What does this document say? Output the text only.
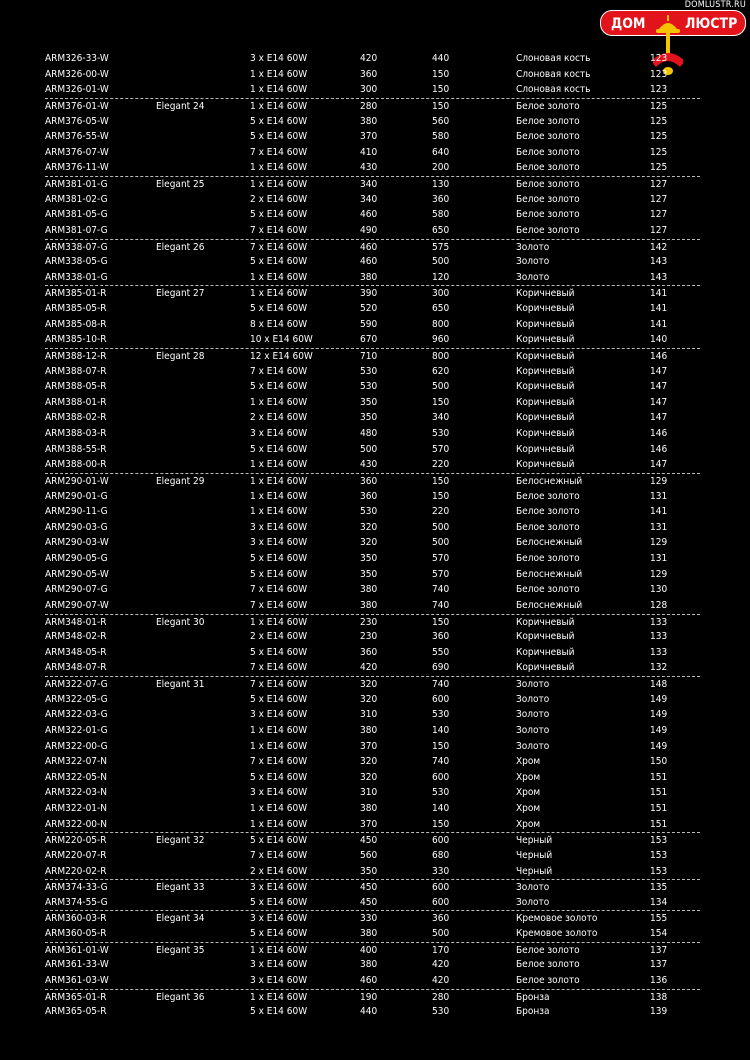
DOMLUSTR.RU
ДОМ	ЛЮСТР
ARM326-33-W	3 x E14 60W	420	440	Слоновая кость	123
ARM326-00-W	1 x E14 60W	360	150	Слоновая кость	123
ARM326-01-W	1 x E14 60W	300	150	Слоновая кость	123
ARM376-01-W	Elegant 24	1 x E14 60W	280	150	Белое золото	125
ARM376-05-W	5 x E14 60W	380	560	Белое золото	125
ARM376-55-W	5 x E14 60W	370	580	Белое золото	125
ARM376-07-W	7 x E14 60W	410	640	Белое золото	125
ARM376-11-W	1 x E14 60W	430	200	Белое золото	125
ARM381-01-G	Elegant 25	1 x E14 60W	340	130	Белое золото	127
ARM381-02-G	2 x E14 60W	340	360	Белое золото	127
ARM381-05-G	5 x E14 60W	460	580	Белое золото	127
ARM381-07-G	7 x E14 60W	490	650	Белое золото	127
ARM338-07-G	Elegant 26	7 x E14 60W	460	575	Золото	142
ARM338-05-G	5 x E14 60W	460	500	Золото	143
ARM338-01-G	1 x E14 60W	380	120	Золото	143
ARM385-01-R	Elegant 27	1 x E14 60W	390	300	Коричневый	141
ARM385-05-R	5 x E14 60W	520	650	Коричневый	141
ARM385-08-R	8 x E14 60W	590	800	Коричневый	141
ARM385-10-R	10 x E14 60W	670	960	Коричневый	140
ARM388-12-R	Elegant 28	12 x E14 60W	710	800	Коричневый	146
ARM388-07-R	7 x E14 60W	530	620	Коричневый	147
ARM388-05-R	5 x E14 60W	530	500	Коричневый	147
ARM388-01-R	1 x E14 60W	350	150	Коричневый	147
ARM388-02-R	2 x E14 60W	350	340	Коричневый	147
ARM388-03-R	3 x E14 60W	480	530	Коричневый	146
ARM388-55-R	5 x E14 60W	500	570	Коричневый	146
ARM388-00-R	1 x E14 60W	430	220	Коричневый	147
ARM290-01-W	Elegant 29	1 x E14 60W	360	150	Белоснежный	129
ARM290-01-G	1 x E14 60W	360	150	Белое золото	131
ARM290-11-G	1 x E14 60W	530	220	Белое золото	141
ARM290-03-G	3 x E14 60W	320	500	Белое золото	131
ARM290-03-W	3 x E14 60W	320	500	Белоснежный	129
ARM290-05-G	5 x E14 60W	350	570	Белое золото	131
ARM290-05-W	5 x E14 60W	350	570	Белоснежный	129
ARM290-07-G	7 x E14 60W	380	740	Белое золото	130
ARM290-07-W	7 x E14 60W	380	740	Белоснежный	128
ARM348-01-R	Elegant 30	1 x E14 60W	230	150	Коричневый	133
ARM348-02-R	2 x E14 60W	230	360	Коричневый	133
ARM348-05-R	5 x E14 60W	360	550	Коричневый	133
ARM348-07-R	7 x E14 60W	420	690	Коричневый	132
ARM322-07-G	Elegant 31	7 x E14 60W	320	740	Золото	148
ARM322-05-G	5 x E14 60W	320	600	Золото	149
ARM322-03-G	3 x E14 60W	310	530	Золото	149
ARM322-01-G	1 x E14 60W	380	140	Золото	149
ARM322-00-G	1 x E14 60W	370	150	Золото	149
ARM322-07-N	7 x E14 60W	320	740	Хром	150
ARM322-05-N	5 x E14 60W	320	600	Хром	151
ARM322-03-N	3 x E14 60W	310	530	Хром	151
ARM322-01-N	1 x E14 60W	380	140	Хром	151
ARM322-00-N	1 x E14 60W	370	150	Хром	151
ARM220-05-R	Elegant 32	5 x E14 60W	450	600	Черный	153
ARM220-07-R	7 x E14 60W	560	680	Черный	153
ARM220-02-R	2 x E14 60W	350	330	Черный	153
ARM374-33-G	Elegant 33	3 x E14 60W	450	600	Золото	135
ARM374-55-G	5 x E14 60W	450	600	Золото	134
ARM360-03-R	Elegant 34	3 x E14 60W	330	360	Кремовое золото	155
ARM360-05-R	5 x E14 60W	380	500	Кремовое золото	154
ARM361-01-W	Elegant 35	1 x E14 60W	400	170	Белое золото	137
ARM361-33-W	3 x E14 60W	380	420	Белое золото	137
ARM361-03-W	3 x E14 60W	460	420	Белое золото	136
ARM365-01-R	Elegant 36	1 x E14 60W	190	280	Бронза	138
ARM365-05-R	5 x E14 60W	440	530	Бронза	139
